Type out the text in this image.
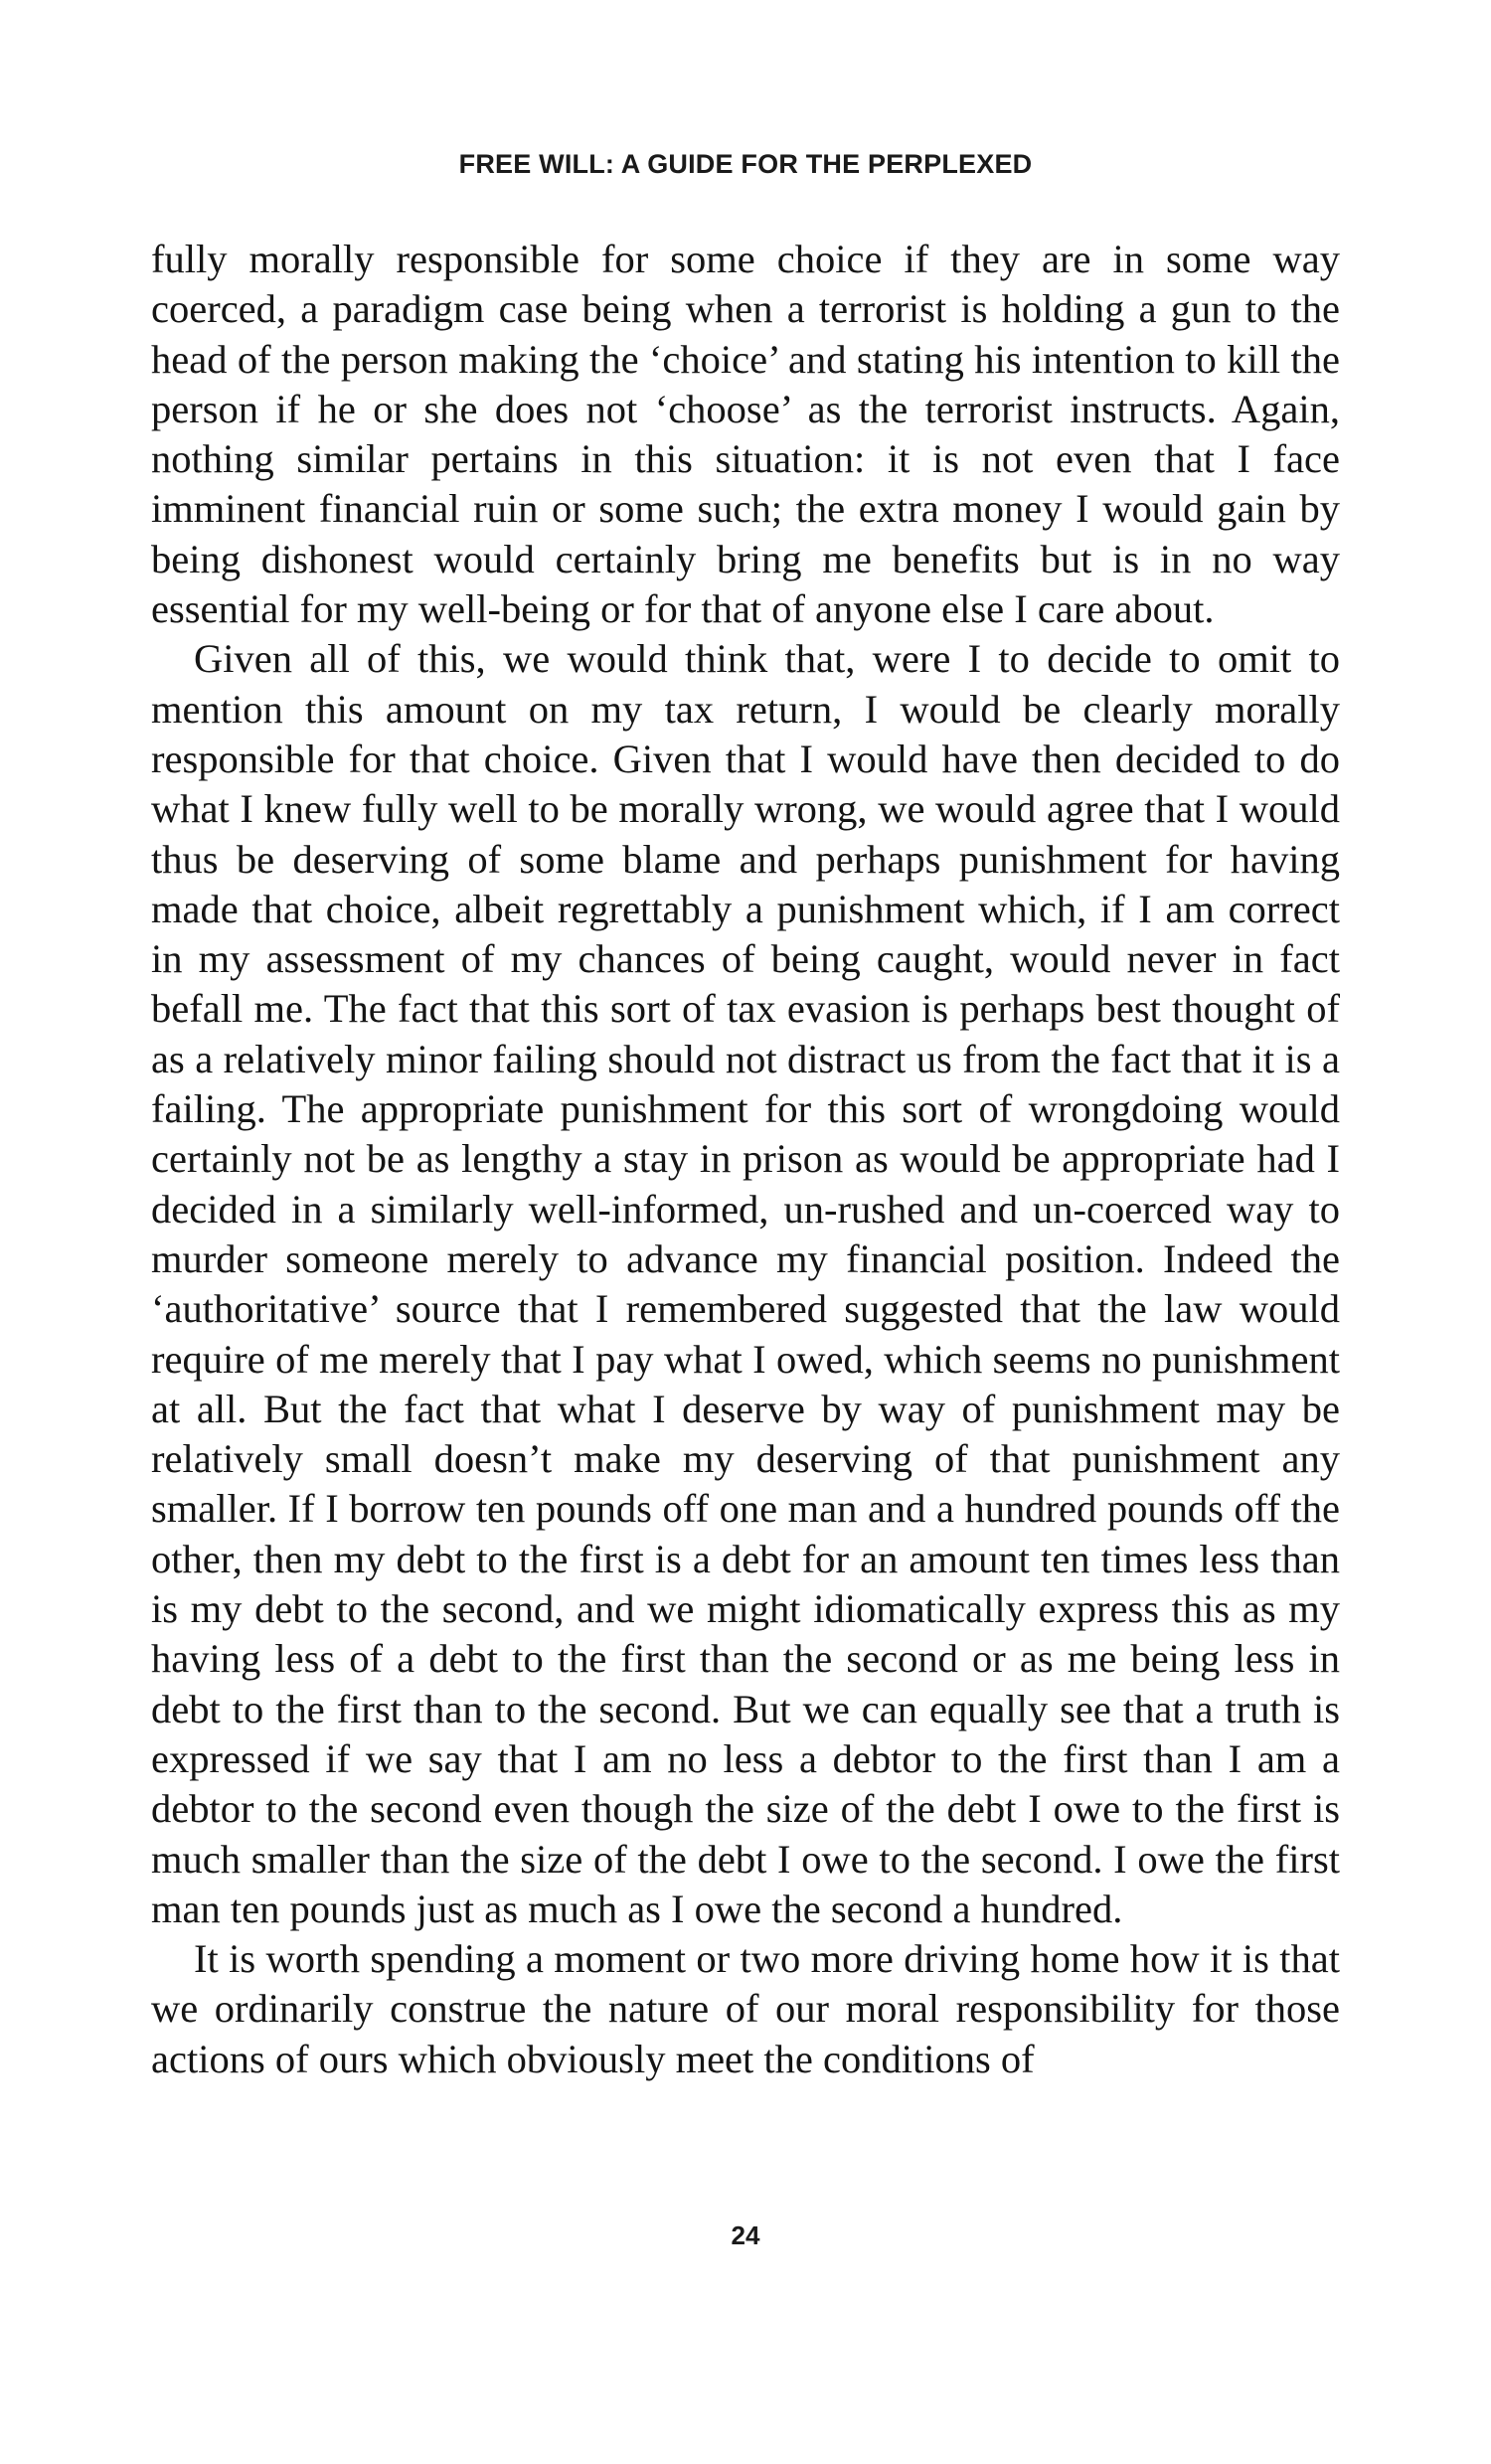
FREE WILL: A GUIDE FOR THE PERPLEXED

fully morally responsible for some choice if they are in some way coerced, a paradigm case being when a terrorist is holding a gun to the head of the person making the ‘choice’ and stating his intention to kill the person if he or she does not ‘choose’ as the terrorist instructs. Again, nothing similar pertains in this situation: it is not even that I face imminent financial ruin or some such; the extra money I would gain by being dishonest would certainly bring me benefits but is in no way essential for my well-being or for that of anyone else I care about.

Given all of this, we would think that, were I to decide to omit to mention this amount on my tax return, I would be clearly morally responsible for that choice. Given that I would have then decided to do what I knew fully well to be morally wrong, we would agree that I would thus be deserving of some blame and perhaps punishment for having made that choice, albeit regrettably a punishment which, if I am correct in my assessment of my chances of being caught, would never in fact befall me. The fact that this sort of tax evasion is perhaps best thought of as a relatively minor failing should not distract us from the fact that it is a failing. The appropriate punishment for this sort of wrongdoing would certainly not be as lengthy a stay in prison as would be appropriate had I decided in a similarly well-informed, un-rushed and un-coerced way to murder someone merely to advance my financial position. Indeed the ‘authoritative’ source that I remembered suggested that the law would require of me merely that I pay what I owed, which seems no punishment at all. But the fact that what I deserve by way of punishment may be relatively small doesn’t make my deserving of that punishment any smaller. If I borrow ten pounds off one man and a hundred pounds off the other, then my debt to the first is a debt for an amount ten times less than is my debt to the second, and we might idiomatically express this as my having less of a debt to the first than the second or as me being less in debt to the first than to the second. But we can equally see that a truth is expressed if we say that I am no less a debtor to the first than I am a debtor to the second even though the size of the debt I owe to the first is much smaller than the size of the debt I owe to the second. I owe the first man ten pounds just as much as I owe the second a hundred.

It is worth spending a moment or two more driving home how it is that we ordinarily construe the nature of our moral responsibility for those actions of ours which obviously meet the conditions of

24
